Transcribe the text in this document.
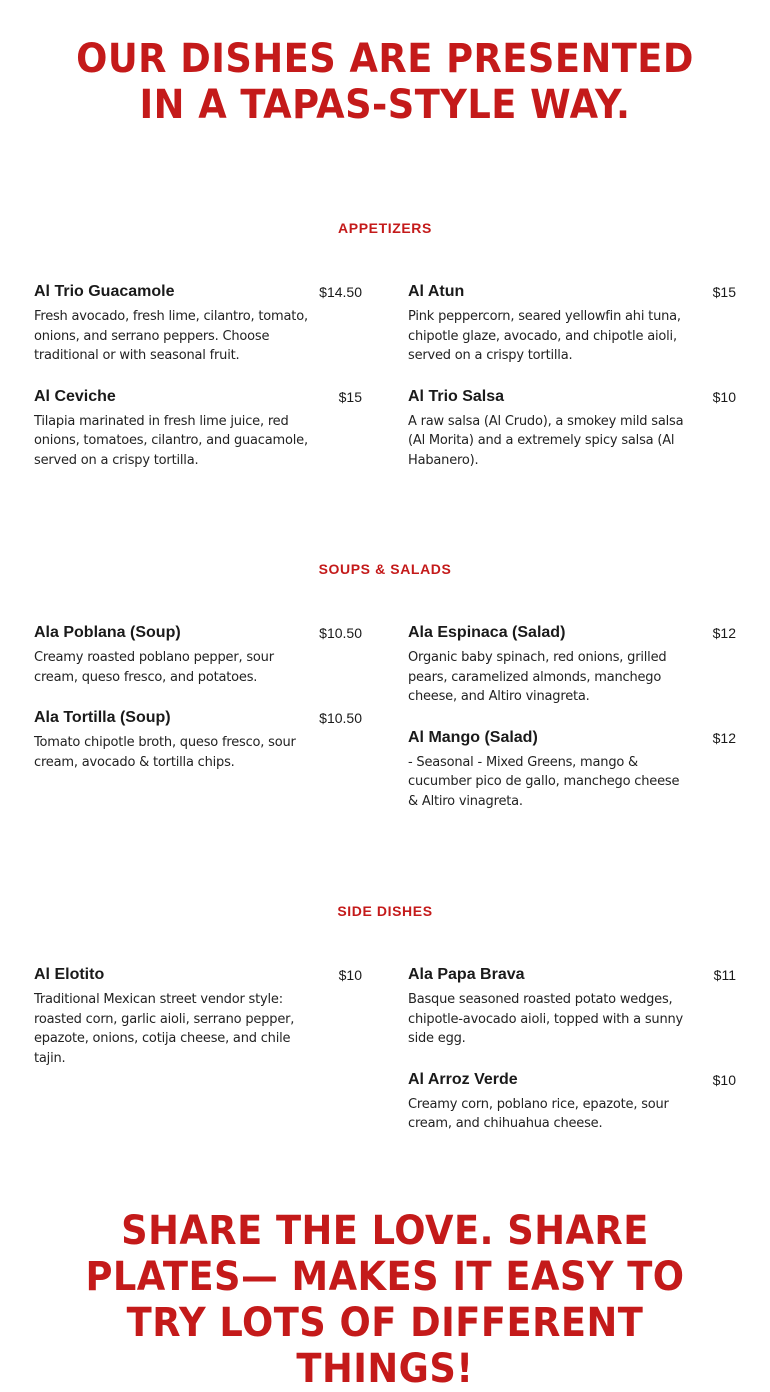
OUR DISHES ARE PRESENTED IN A TAPAS-STYLE WAY.
APPETIZERS
Al Trio Guacamole	$14.50
Fresh avocado, fresh lime, cilantro, tomato, onions, and serrano peppers. Choose traditional or with seasonal fruit.
Al Ceviche	$15
Tilapia marinated in fresh lime juice, red onions, tomatoes, cilantro, and guacamole, served on a crispy tortilla.
Al Atun	$15
Pink peppercorn, seared yellowfin ahi tuna, chipotle glaze, avocado, and chipotle aioli, served on a crispy tortilla.
Al Trio Salsa	$10
A raw salsa (Al Crudo), a smokey mild salsa (Al Morita) and a extremely spicy salsa (Al Habanero).
SOUPS & SALADS
Ala Poblana (Soup)	$10.50
Creamy roasted poblano pepper, sour cream, queso fresco, and potatoes.
Ala Tortilla (Soup)	$10.50
Tomato chipotle broth, queso fresco, sour cream, avocado & tortilla chips.
Ala Espinaca (Salad)	$12
Organic baby spinach, red onions, grilled pears, caramelized almonds, manchego cheese, and Altiro vinagreta.
Al Mango (Salad)	$12
- Seasonal - Mixed Greens, mango & cucumber pico de gallo, manchego cheese & Altiro vinagreta.
SIDE DISHES
Al Elotito	$10
Traditional Mexican street vendor style: roasted corn, garlic aioli, serrano pepper, epazote, onions, cotija cheese, and chile tajin.
Ala Papa Brava	$11
Basque seasoned roasted potato wedges, chipotle-avocado aioli, topped with a sunny side egg.
Al Arroz Verde	$10
Creamy corn, poblano rice, epazote, sour cream, and chihuahua cheese.
SHARE THE LOVE. SHARE PLATES— MAKES IT EASY TO TRY LOTS OF DIFFERENT THINGS!
